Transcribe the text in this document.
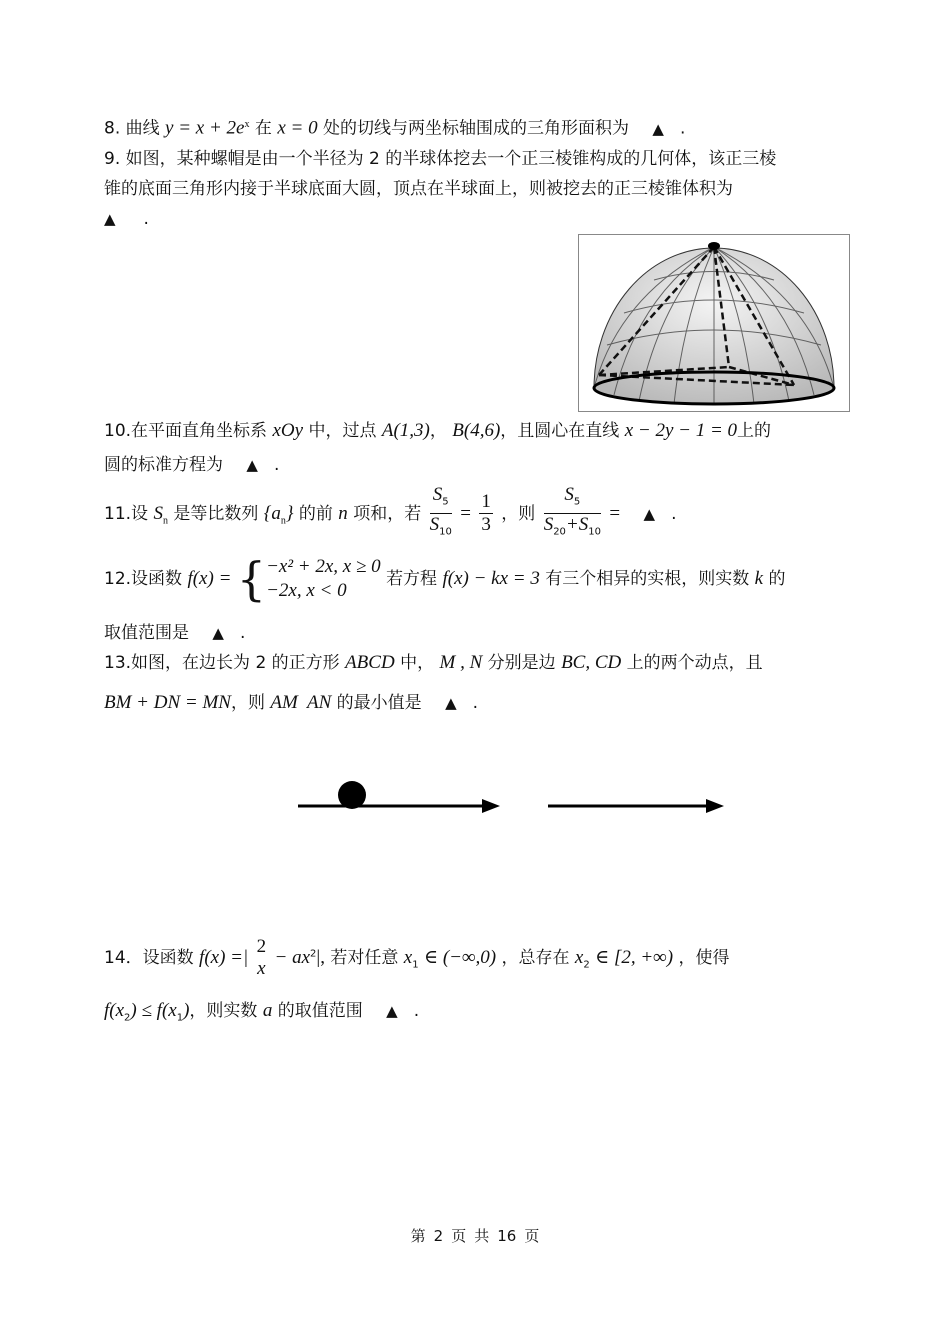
8. 曲线 $y = x + 2e^x$ 在 x = 0 处的切线与两坐标轴围成的三角形面积为 ▲ .
9. 如图，某种螺帽是由一个半径为 2 的半球体挖去一个正三棱锥构成的几何体，该正三棱
锥的底面三角形内接于半球底面大圆，顶点在半球面上，则被挖去的正三棱锥体积为
▲ .
10.在平面直角坐标系 xOy 中，过点 A(1,3)， B(4,6)，且圆心在直线 x − 2y − 1 = 0上的
圆的标准方程为 ▲ .
11.设 $S_n$ 是等比数列 $\{a_n\}$ 的前 n 项和，若 $\frac{S_5}{S_{10}} = \frac{1}{3}$ ，则 $\frac{S_5}{S_{20}+S_{10}}$ = ▲ .
12.设函数 f(x) = { −x² + 2x, x ≥ 0
−2x, x < 0
若方程 f(x) − kx = 3 有三个相异的实根，则实数 k 的
取值范围是 ▲ .
13.如图，在边长为 2 的正方形 ABCD 中， M , N 分别是边 BC, CD 上的两个动点，且
BM + DN = MN，则 AM  AN 的最小值是 ▲ .
14．设函数 f(x) =|
2
x
− $ax^2|$, 若对任意 $x_1$ ∈ (−∞,0) ，总存在 $x_2$ ∈ [2, +∞) ，使得
$f(x_2) \le f(x_1)$，则实数 a 的取值范围 ▲ .
第 2 页 共 16 页
